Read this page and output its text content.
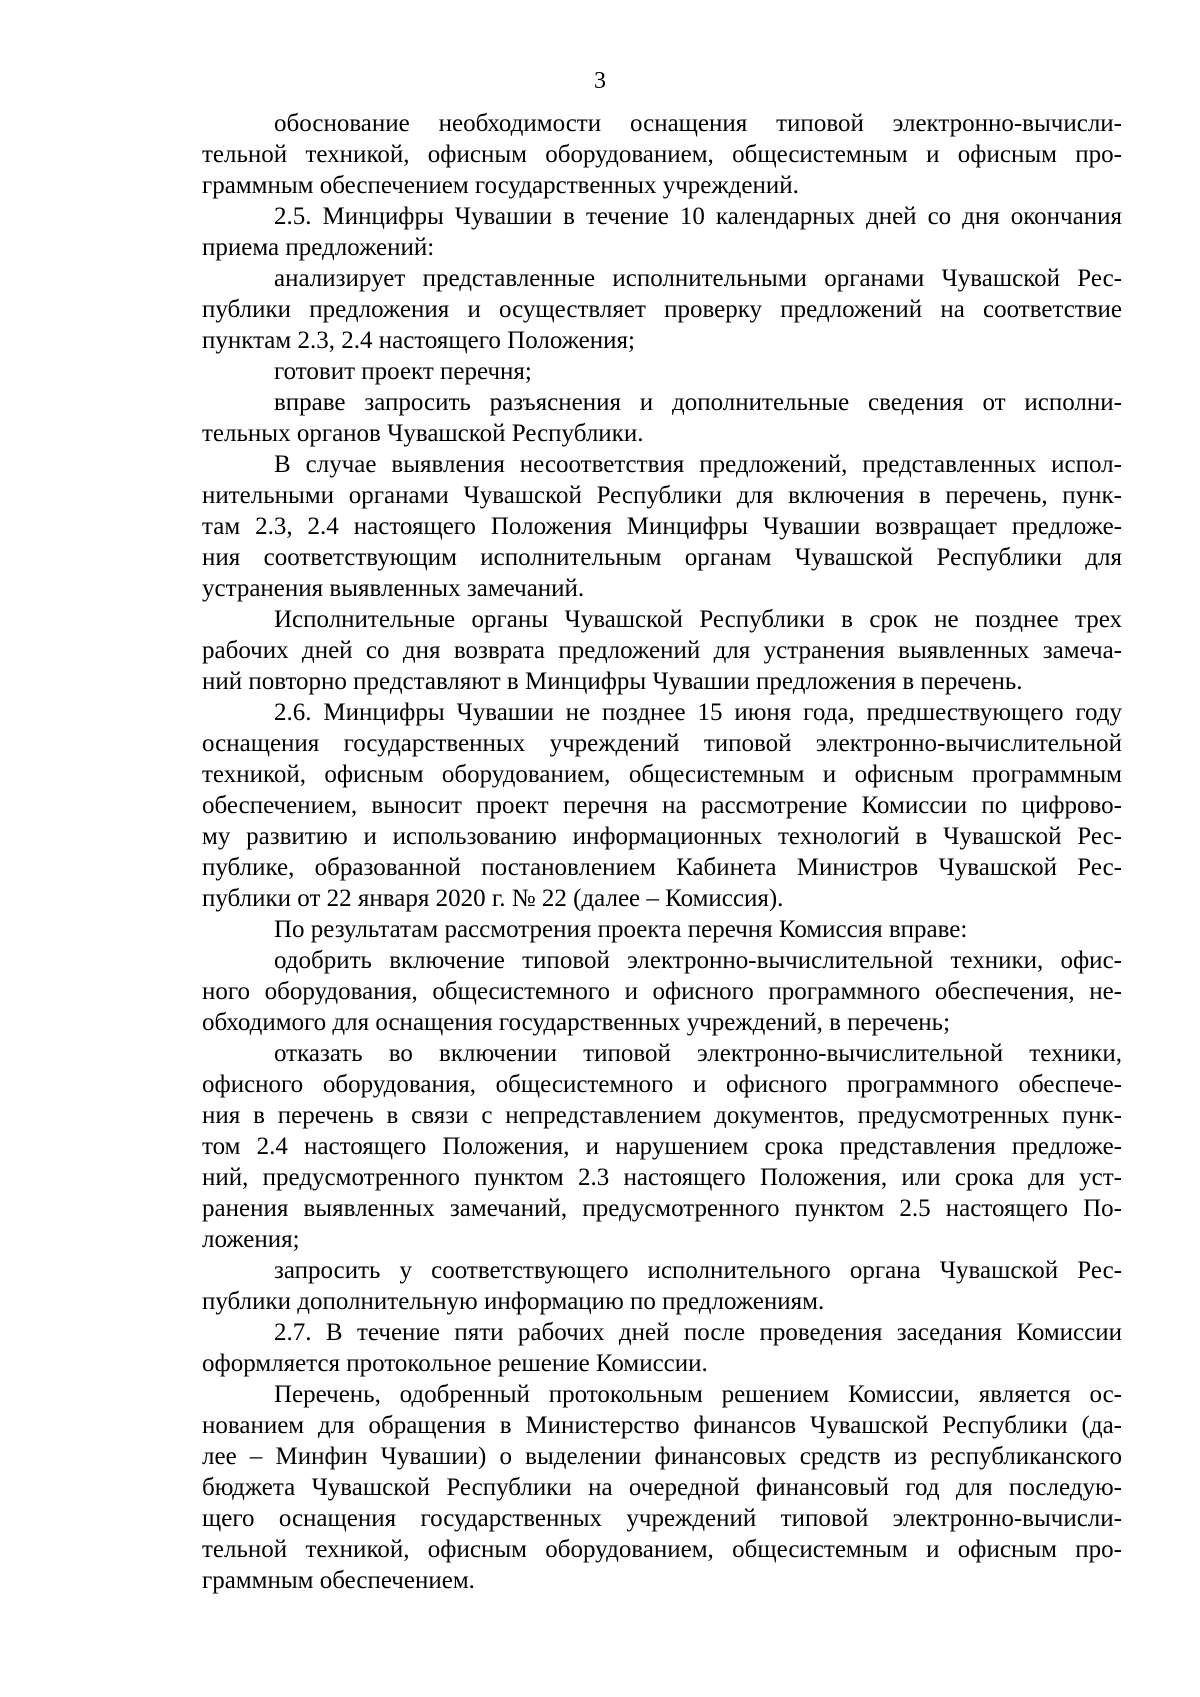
3
обоснование необходимости оснащения типовой электронно-вычисли-
тельной техникой, офисным оборудованием, общесистемным и офисным про-
граммным обеспечением государственных учреждений.
2.5. Минцифры Чувашии в течение 10 календарных дней со дня окончания
приема предложений:
анализирует представленные исполнительными органами Чувашской Рес-
публики предложения и осуществляет проверку предложений на соответствие
пунктам 2.3, 2.4 настоящего Положения;
готовит проект перечня;
вправе запросить разъяснения и дополнительные сведения от исполни-
тельных органов Чувашской Республики.
В случае выявления несоответствия предложений, представленных испол-
нительными органами Чувашской Республики для включения в перечень, пунк-
там 2.3, 2.4 настоящего Положения Минцифры Чувашии возвращает предложе-
ния соответствующим исполнительным органам Чувашской Республики для
устранения выявленных замечаний.
Исполнительные органы Чувашской Республики в срок не позднее трех
рабочих дней со дня возврата предложений для устранения выявленных замеча-
ний повторно представляют в Минцифры Чувашии предложения в перечень.
2.6. Минцифры Чувашии не позднее 15 июня года, предшествующего году
оснащения государственных учреждений типовой электронно-вычислительной
техникой, офисным оборудованием, общесистемным и офисным программным
обеспечением, выносит проект перечня на рассмотрение Комиссии по цифрово-
му развитию и использованию информационных технологий в Чувашской Рес-
публике, образованной постановлением Кабинета Министров Чувашской Рес-
публики от 22 января 2020 г. № 22 (далее – Комиссия).
По результатам рассмотрения проекта перечня Комиссия вправе:
одобрить включение типовой электронно-вычислительной техники, офис-
ного оборудования, общесистемного и офисного программного обеспечения, не-
обходимого для оснащения государственных учреждений, в перечень;
отказать во включении типовой электронно-вычислительной техники,
офисного оборудования, общесистемного и офисного программного обеспече-
ния в перечень в связи с непредставлением документов, предусмотренных пунк-
том 2.4 настоящего Положения, и нарушением срока представления предложе-
ний, предусмотренного пунктом 2.3 настоящего Положения, или срока для уст-
ранения выявленных замечаний, предусмотренного пунктом 2.5 настоящего По-
ложения;
запросить у соответствующего исполнительного органа Чувашской Рес-
публики дополнительную информацию по предложениям.
2.7. В течение пяти рабочих дней после проведения заседания Комиссии
оформляется протокольное решение Комиссии.
Перечень, одобренный протокольным решением Комиссии, является ос-
нованием для обращения в Министерство финансов Чувашской Республики (да-
лее – Минфин Чувашии) о выделении финансовых средств из республиканского
бюджета Чувашской Республики на очередной финансовый год для последую-
щего оснащения государственных учреждений типовой электронно-вычисли-
тельной техникой, офисным оборудованием, общесистемным и офисным про-
граммным обеспечением.
